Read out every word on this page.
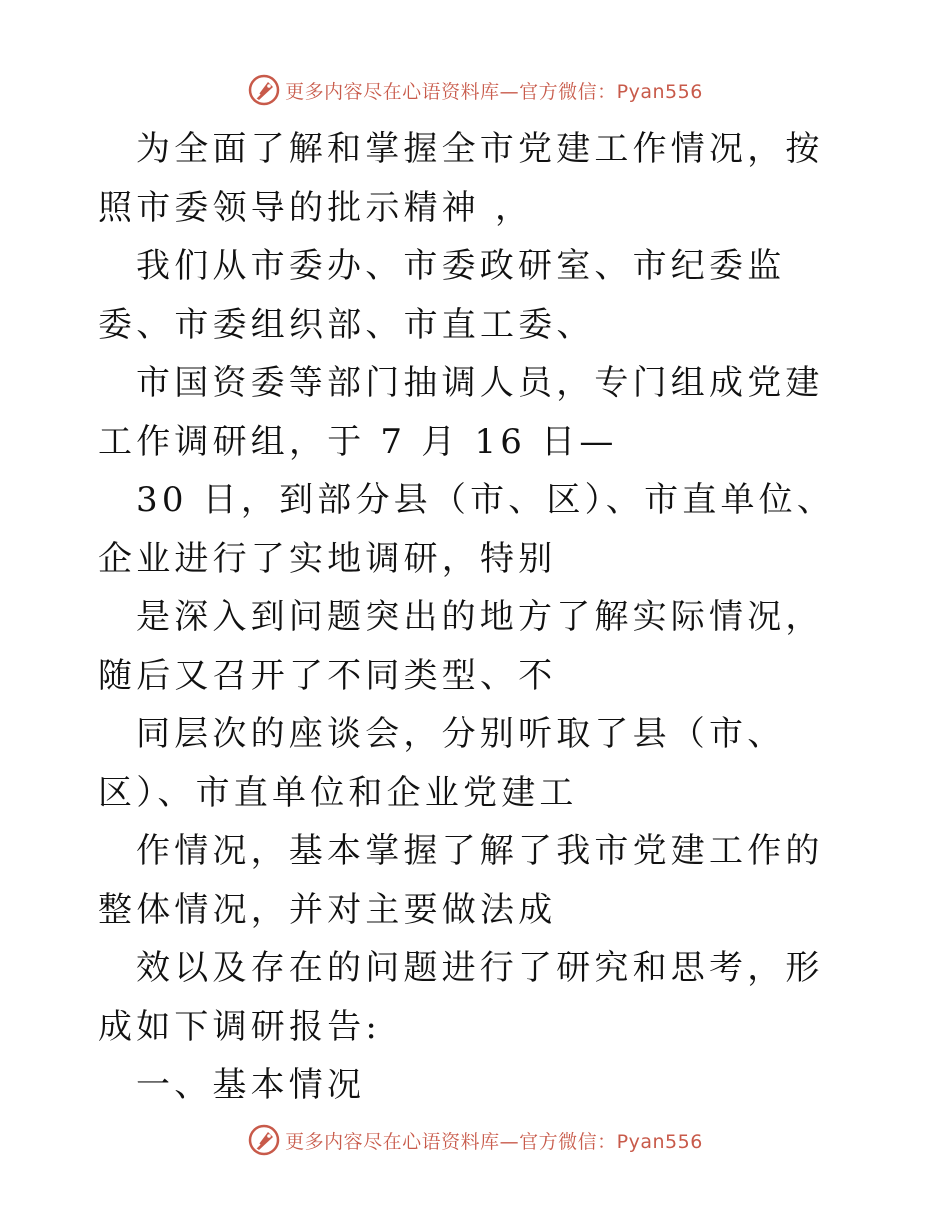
更多内容尽在心语资料库—官方微信：Pyan556

为全面了解和掌握全市党建工作情况，按照市委领导的批示精神 ，

我们从市委办、市委政研室、市纪委监委、市委组织部、市直工委、

市国资委等部门抽调人员，专门组成党建工作调研组，于 7 月 16 日—

30 日，到部分县（市、区）、市直单位、企业进行了实地调研，特别

是深入到问题突出的地方了解实际情况，随后又召开了不同类型、不

同层次的座谈会，分别听取了县（市、区）、市直单位和企业党建工

作情况，基本掌握了解了我市党建工作的整体情况，并对主要做法成

效以及存在的问题进行了研究和思考，形成如下调研报告:

一、基本情况

更多内容尽在心语资料库—官方微信：Pyan556
